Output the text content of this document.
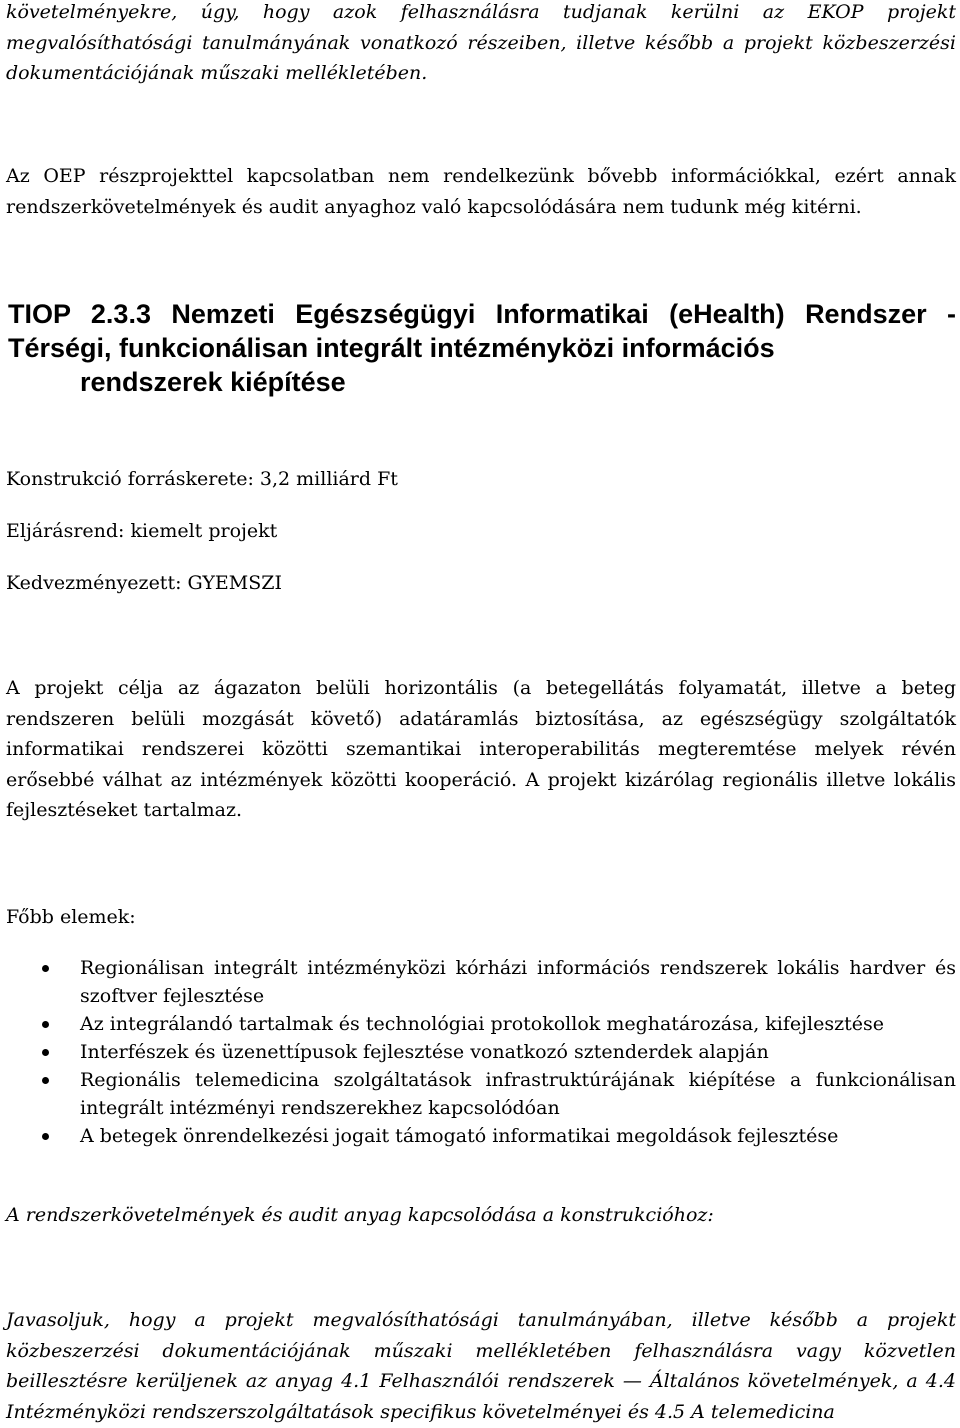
követelményekre, úgy, hogy azok felhasználásra tudjanak kerülni az EKOP projekt megvalósíthatósági tanulmányának vonatkozó részeiben, illetve később a projekt közbeszerzési dokumentációjának műszaki mellékletében.

Az OEP részprojekttel kapcsolatban nem rendelkezünk bővebb információkkal, ezért annak rendszerkövetelmények és audit anyaghoz való kapcsolódására nem tudunk még kitérni.

TIOP 2.3.3 Nemzeti Egészségügyi Informatikai (eHealth) Rendszer - Térségi, funkcionálisan integrált intézményközi információs
rendszerek kiépítése

Konstrukció forráskerete: 3,2 milliárd Ft

Eljárásrend: kiemelt projekt

Kedvezményezett: GYEMSZI

A projekt célja az ágazaton belüli horizontális (a betegellátás folyamatát, illetve a beteg rendszeren belüli mozgását követő) adatáramlás biztosítása, az egészségügy szolgáltatók informatikai rendszerei közötti szemantikai interoperabilitás megteremtése melyek révén erősebbé válhat az intézmények közötti kooperáció. A projekt kizárólag regionális illetve lokális fejlesztéseket tartalmaz.

Főbb elemek:

Regionálisan integrált intézményközi kórházi információs rendszerek lokális hardver és szoftver fejlesztése
Az integrálandó tartalmak és technológiai protokollok meghatározása, kifejlesztése
Interfészek és üzenettípusok fejlesztése vonatkozó sztenderdek alapján
Regionális telemedicina szolgáltatások infrastruktúrájának kiépítése a funkcionálisan integrált intézményi rendszerekhez kapcsolódóan
A betegek önrendelkezési jogait támogató informatikai megoldások fejlesztése

A rendszerkövetelmények és audit anyag kapcsolódása a konstrukcióhoz:

Javasoljuk, hogy a projekt megvalósíthatósági tanulmányában, illetve később a projekt közbeszerzési dokumentációjának műszaki mellékletében felhasználásra vagy közvetlen beillesztésre kerüljenek az anyag 4.1 Felhasználói rendszerek — Általános követelmények, a 4.4 Intézményközi rendszerszolgáltatások specifikus követelményei és 4.5 A telemedicina
